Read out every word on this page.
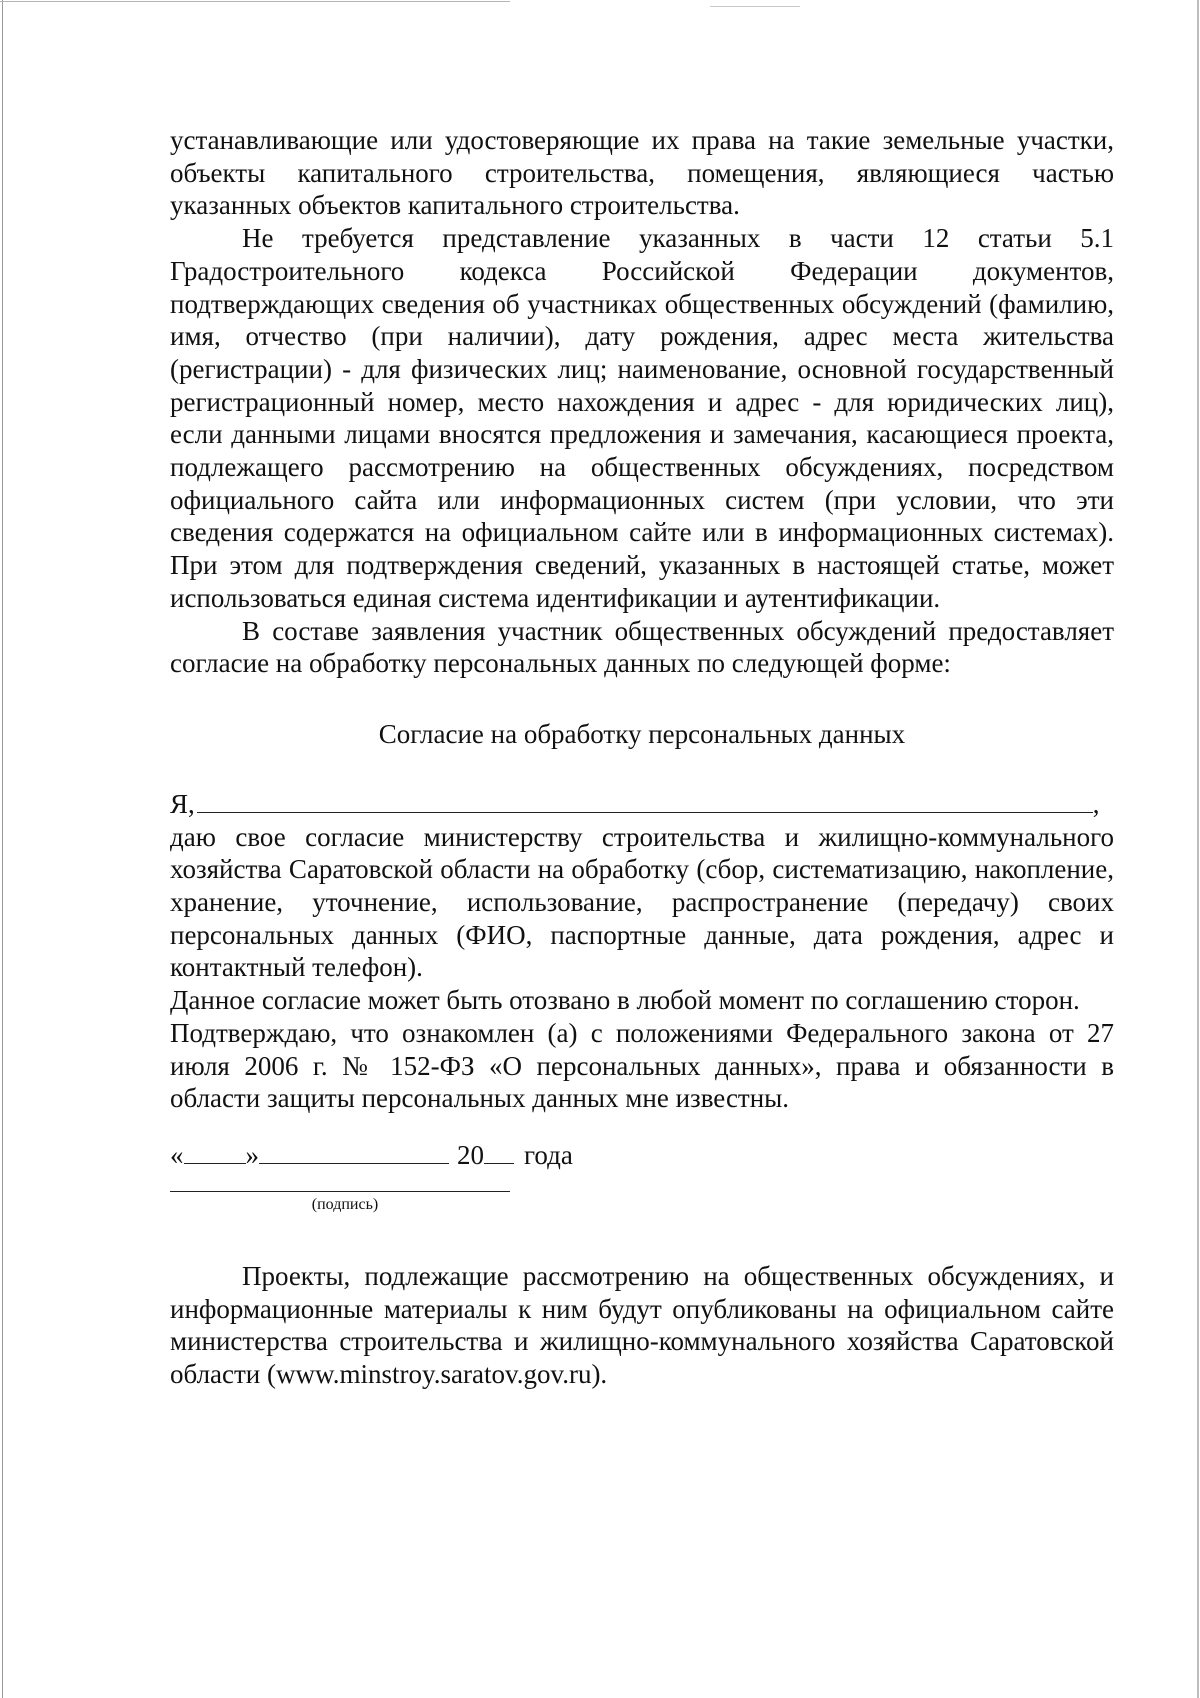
устанавливающие или удостоверяющие их права на такие земельные участки, объекты капитального строительства, помещения, являющиеся частью указанных объектов капитального строительства.

Не требуется представление указанных в части 12 статьи 5.1 Градостроительного кодекса Российской Федерации документов, подтверждающих сведения об участниках общественных обсуждений (фамилию, имя, отчество (при наличии), дату рождения, адрес места жительства (регистрации) - для физических лиц; наименование, основной государственный регистрационный номер, место нахождения и адрес - для юридических лиц), если данными лицами вносятся предложения и замечания, касающиеся проекта, подлежащего рассмотрению на общественных обсуждениях, посредством официального сайта или информационных систем (при условии, что эти сведения содержатся на официальном сайте или в информационных системах). При этом для подтверждения сведений, указанных в настоящей статье, может использоваться единая система идентификации и аутентификации.

В составе заявления участник общественных обсуждений предоставляет согласие на обработку персональных данных по следующей форме:

Согласие на обработку персональных данных
Я,	,

даю свое согласие министерству строительства и жилищно-коммунального хозяйства Саратовской области на обработку (сбор, систематизацию, накопление, хранение, уточнение, использование, распространение (передачу) своих персональных данных (ФИО, паспортные данные, дата рождения, адрес и контактный телефон).

Данное согласие может быть отозвано в любой момент по соглашению сторон.

Подтверждаю, что ознакомлен (а) с положениями Федерального закона от 27 июля 2006 г. № 152-ФЗ «О персональных данных», права и обязанности в области защиты персональных данных мне известны.

« »	20 года
(подпись)

Проекты, подлежащие рассмотрению на общественных обсуждениях, и информационные материалы к ним будут опубликованы на официальном сайте министерства строительства и жилищно-коммунального хозяйства Саратовской области (www.minstroy.saratov.gov.ru).
